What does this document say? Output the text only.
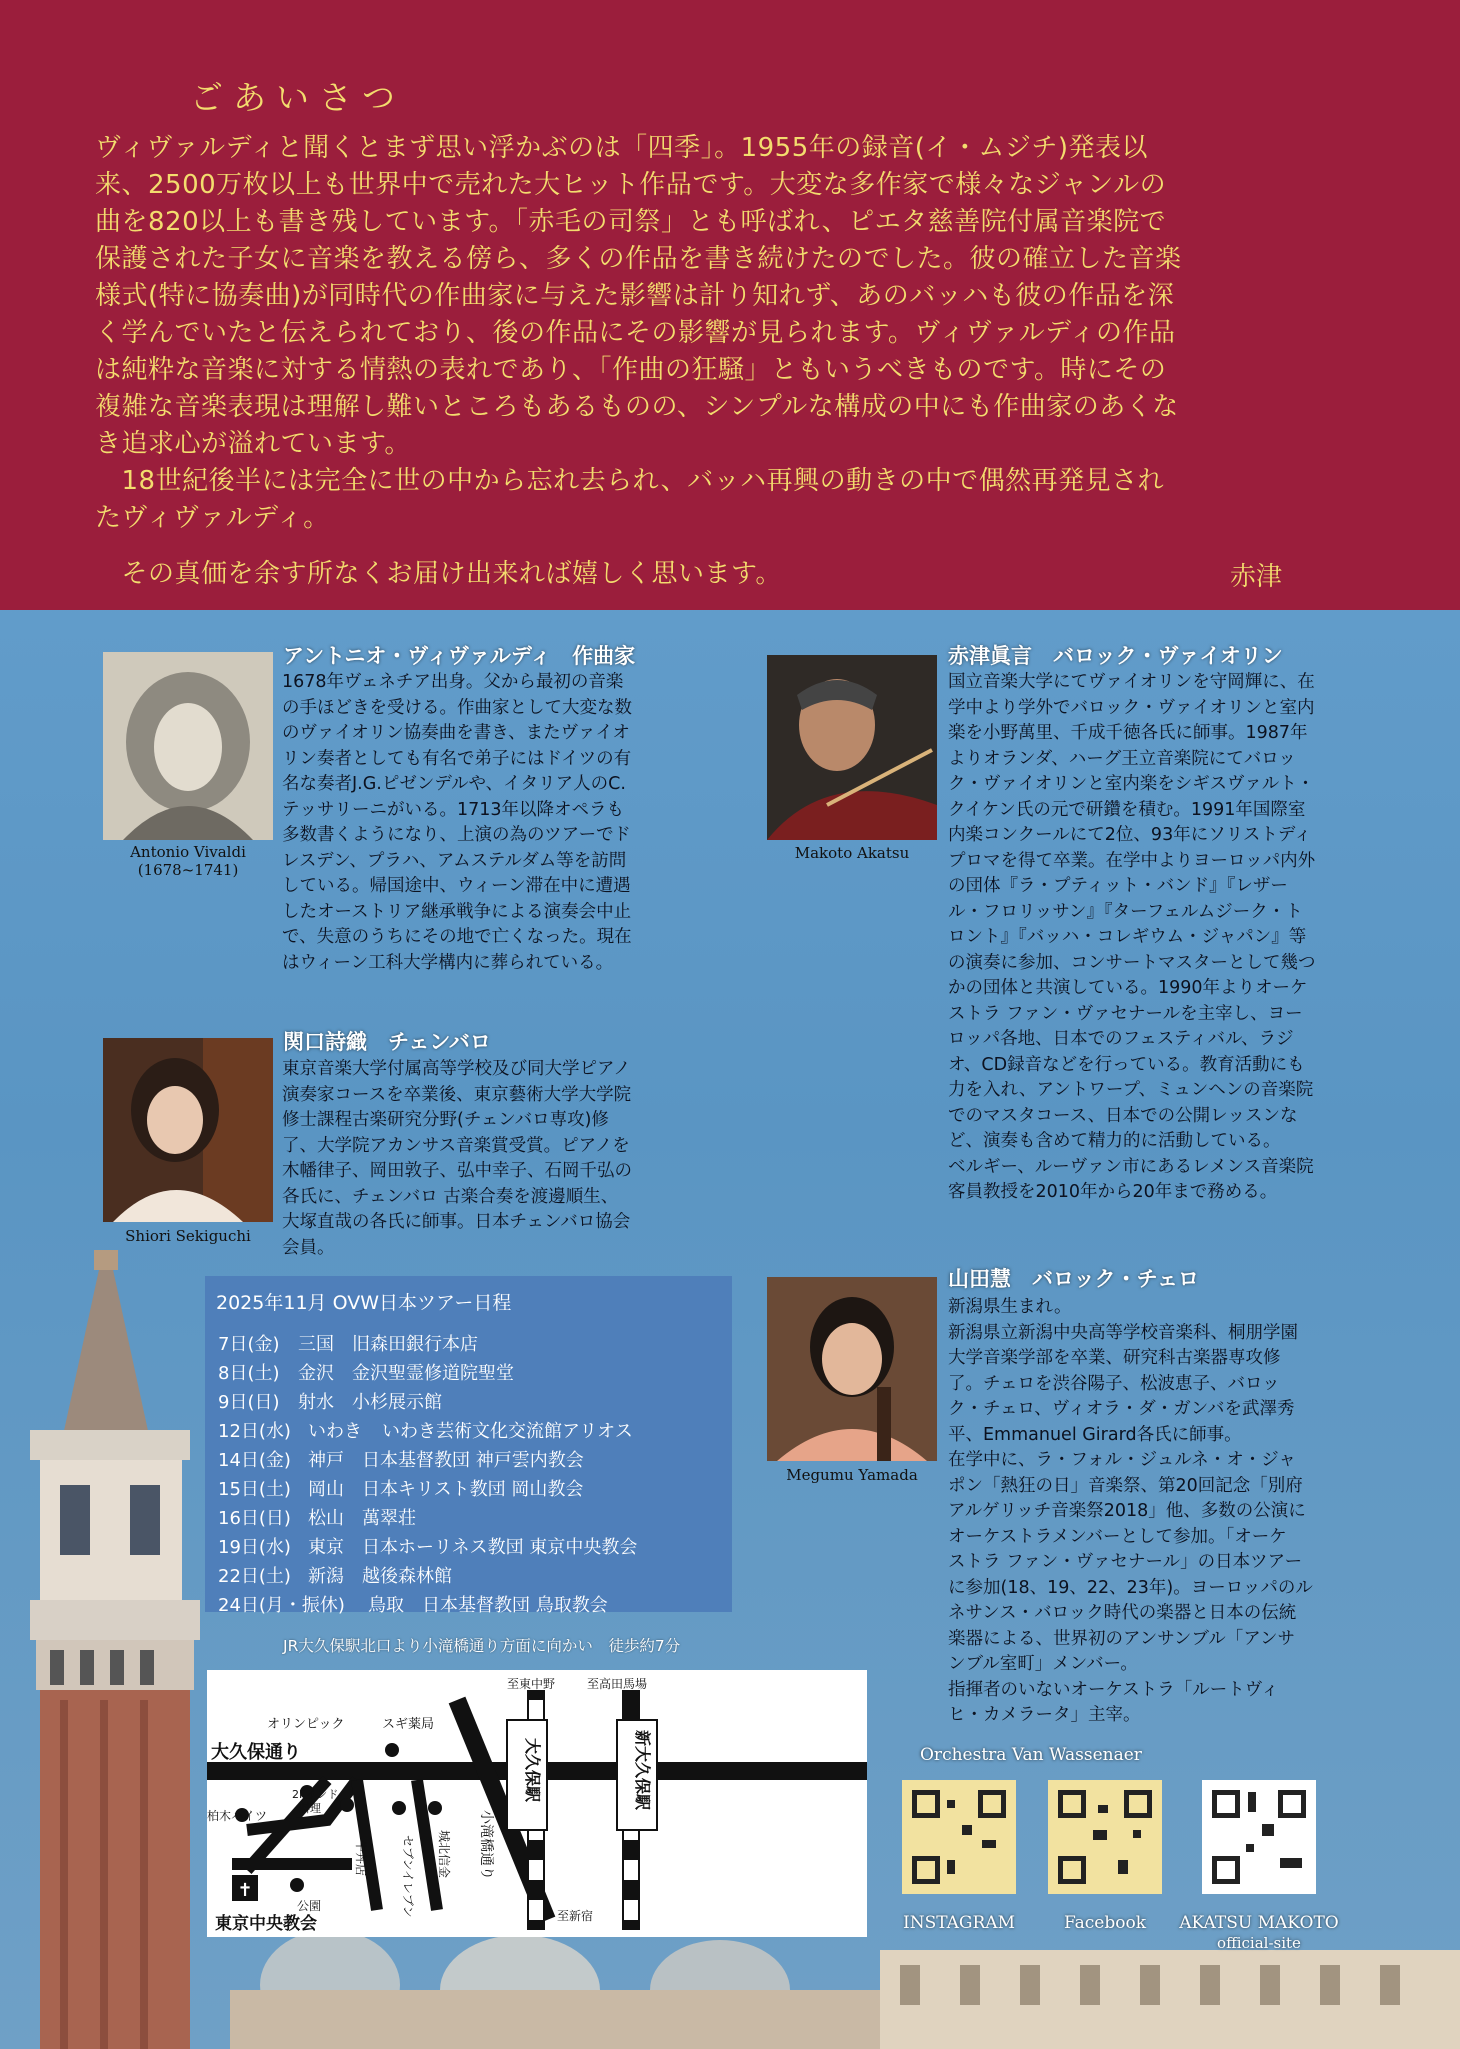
ごあいさつ
ヴィヴァルディと聞くとまず思い浮かぶのは「四季」。1955年の録音(イ・ムジチ)発表以
来、2500万枚以上も世界中で売れた大ヒット作品です。大変な多作家で様々なジャンルの
曲を820以上も書き残しています。「赤毛の司祭」とも呼ばれ、ピエタ慈善院付属音楽院で
保護された子女に音楽を教える傍ら、多くの作品を書き続けたのでした。彼の確立した音楽
様式(特に協奏曲)が同時代の作曲家に与えた影響は計り知れず、あのバッハも彼の作品を深
く学んでいたと伝えられており、後の作品にその影響が見られます。ヴィヴァルディの作品
は純粋な音楽に対する情熱の表れであり、「作曲の狂騒」ともいうべきものです。時にその
複雑な音楽表現は理解し難いところもあるものの、シンプルな構成の中にも作曲家のあくな
き追求心が溢れています。
　18世紀後半には完全に世の中から忘れ去られ、バッハ再興の動きの中で偶然再発見され
たヴィヴァルディ。
　その真価を余す所なくお届け出来れば嬉しく思います。	赤津
Antonio Vivaldi
(1678~1741)
アントニオ・ヴィヴァルディ　作曲家
1678年ヴェネチア出身。父から最初の音楽
の手ほどきを受ける。作曲家として大変な数
のヴァイオリン協奏曲を書き、またヴァイオ
リン奏者としても有名で弟子にはドイツの有
名な奏者J.G.ピゼンデルや、イタリア人のC.
テッサリーニがいる。1713年以降オペラも
多数書くようになり、上演の為のツアーでド
レスデン、プラハ、アムステルダム等を訪問
している。帰国途中、ウィーン滞在中に遭遇
したオーストリア継承戦争による演奏会中止
で、失意のうちにその地で亡くなった。現在
はウィーン工科大学構内に葬られている。
Makoto Akatsu
赤津眞言　バロック・ヴァイオリン
国立音楽大学にてヴァイオリンを守岡輝に、在
学中より学外でバロック・ヴァイオリンと室内
楽を小野萬里、千成千徳各氏に師事。1987年
よりオランダ、ハーグ王立音楽院にてバロッ
ク・ヴァイオリンと室内楽をシギスヴァルト・
クイケン氏の元で研鑽を積む。1991年国際室
内楽コンクールにて2位、93年にソリストディ
プロマを得て卒業。在学中よりヨーロッパ内外
の団体『ラ・プティット・バンド』『レザー
ル・フロリッサン』『ターフェルムジーク・ト
ロント』『バッハ・コレギウム・ジャパン』等
の演奏に参加、コンサートマスターとして幾つ
かの団体と共演している。1990年よりオーケ
ストラ ファン・ヴァセナールを主宰し、ヨー
ロッパ各地、日本でのフェスティバル、ラジ
オ、CD録音などを行っている。教育活動にも
力を入れ、アントワープ、ミュンヘンの音楽院
でのマスタコース、日本での公開レッスンな
ど、演奏も含めて精力的に活動している。
ベルギー、ルーヴァン市にあるレメンス音楽院
客員教授を2010年から20年まで務める。
Shiori Sekiguchi
関口詩織　チェンバロ
東京音楽大学付属高等学校及び同大学ピアノ
演奏家コースを卒業後、東京藝術大学大学院
修士課程古楽研究分野(チェンバロ専攻)修
了、大学院アカンサス音楽賞受賞。ピアノを
木幡律子、岡田敦子、弘中幸子、石岡千弘の
各氏に、チェンバロ 古楽合奏を渡邊順生、
大塚直哉の各氏に師事。日本チェンバロ協会
会員。
Megumu Yamada
山田慧　バロック・チェロ
新潟県生まれ。
新潟県立新潟中央高等学校音楽科、桐朋学園
大学音楽学部を卒業、研究科古楽器専攻修
了。チェロを渋谷陽子、松波恵子、バロッ
ク・チェロ、ヴィオラ・ダ・ガンバを武澤秀
平、Emmanuel Girard各氏に師事。
在学中に、ラ・フォル・ジュルネ・オ・ジャ
ポン「熱狂の日」音楽祭、第20回記念「別府
アルゲリッチ音楽祭2018」他、多数の公演に
オーケストラメンバーとして参加。「オーケ
ストラ ファン・ヴァセナール」の日本ツアー
に参加(18、19、22、23年)。ヨーロッパのル
ネサンス・バロック時代の楽器と日本の伝統
楽器による、世界初のアンサンブル「アンサ
ンブル室町」メンバー。
指揮者のいないオーケストラ「ルートヴィ
ヒ・カメラータ」主宰。
2025年11月 OVW日本ツアー日程
7日(金) 三国 旧森田銀行本店
8日(土) 金沢 金沢聖霊修道院聖堂
9日(日) 射水 小杉展示館
12日(水) いわき いわき芸術文化交流館アリオス
14日(金) 神戸 日本基督教団 神戸雲内教会
15日(土) 岡山 日本キリスト教団 岡山教会
16日(日) 松山 萬翠荘
19日(水) 東京 日本ホーリネス教団 東京中央教会
22日(土) 新潟 越後森林館
24日(月・振休) 鳥取 日本基督教団 鳥取教会
JR大久保駅北口より小滝橋通り方面に向かい　徒歩約7分
✝
大久保通り
オリンピック	スギ薬局
至東中野	至高田馬場
大久保駅	新大久保駅
2Fインド
料理
柏木ハイツ
牛丼店	セブンイレブン 城北信金 小滝橋通り
公園
至新宿
東京中央教会
Orchestra Van Wassenaer
INSTAGRAM	Facebook	AKATSU MAKOTO
official-site
